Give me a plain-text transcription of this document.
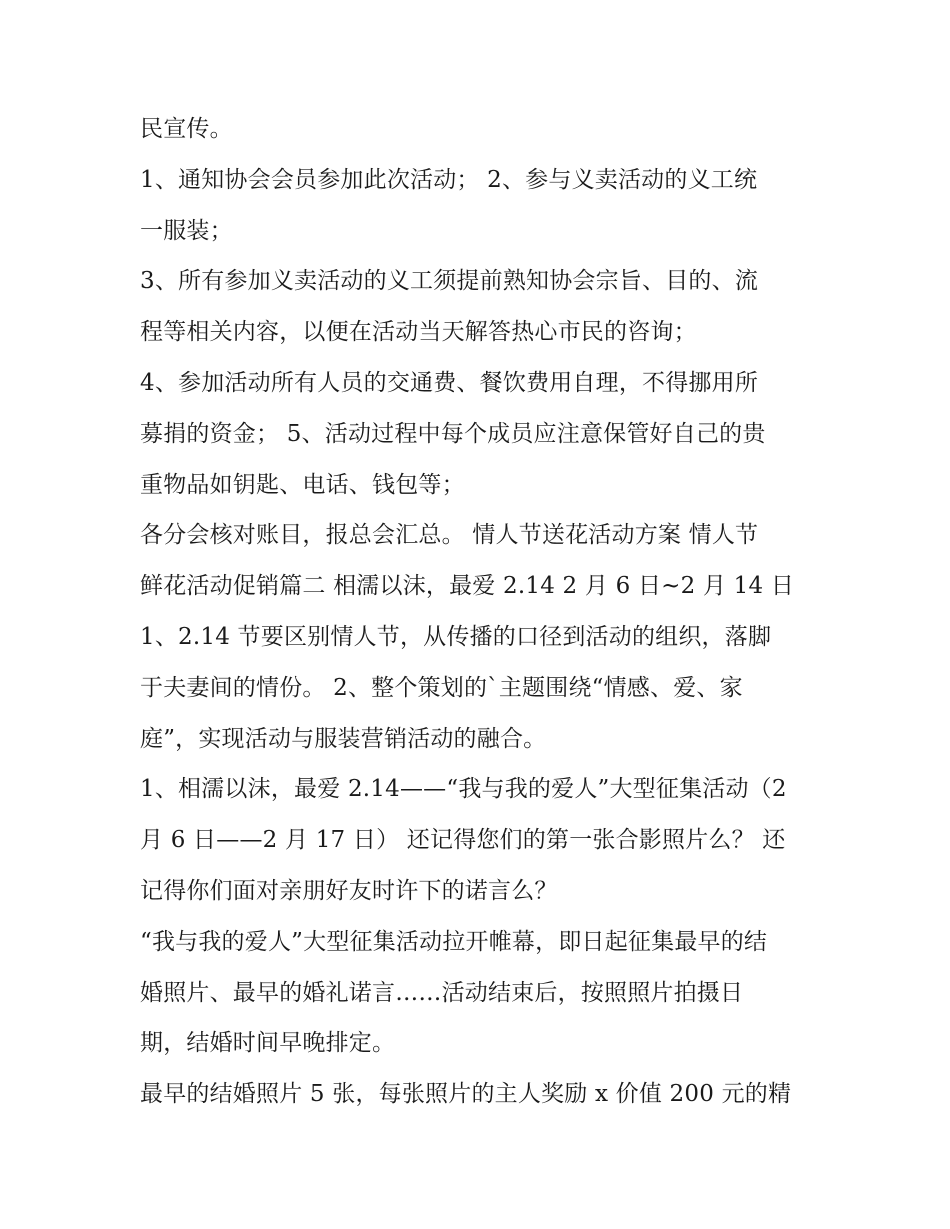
民宣传。
1、通知协会会员参加此次活动； 2、参与义卖活动的义工统
一服装；
3、所有参加义卖活动的义工须提前熟知协会宗旨、目的、流
程等相关内容，以便在活动当天解答热心市民的咨询；
4、参加活动所有人员的交通费、餐饮费用自理，不得挪用所
募捐的资金； 5、活动过程中每个成员应注意保管好自己的贵
重物品如钥匙、电话、钱包等；
各分会核对账目，报总会汇总。 情人节送花活动方案 情人节
鲜花活动促销篇二 相濡以沫，最爱 2.14 2 月 6 日~2 月 14 日
1、2.14 节要区别情人节，从传播的口径到活动的组织，落脚
于夫妻间的情份。 2、整个策划的`主题围绕“情感、爱、家
庭”，实现活动与服装营销活动的融合。
1、相濡以沫，最爱 2.14——“我与我的爱人”大型征集活动（2
月 6 日——2 月 17 日） 还记得您们的第一张合影照片么？ 还
记得你们面对亲朋好友时许下的诺言么？
“我与我的爱人”大型征集活动拉开帷幕，即日起征集最早的结
婚照片、最早的婚礼诺言……活动结束后，按照照片拍摄日
期，结婚时间早晚排定。
最早的结婚照片 5 张，每张照片的主人奖励 x 价值 200 元的精
